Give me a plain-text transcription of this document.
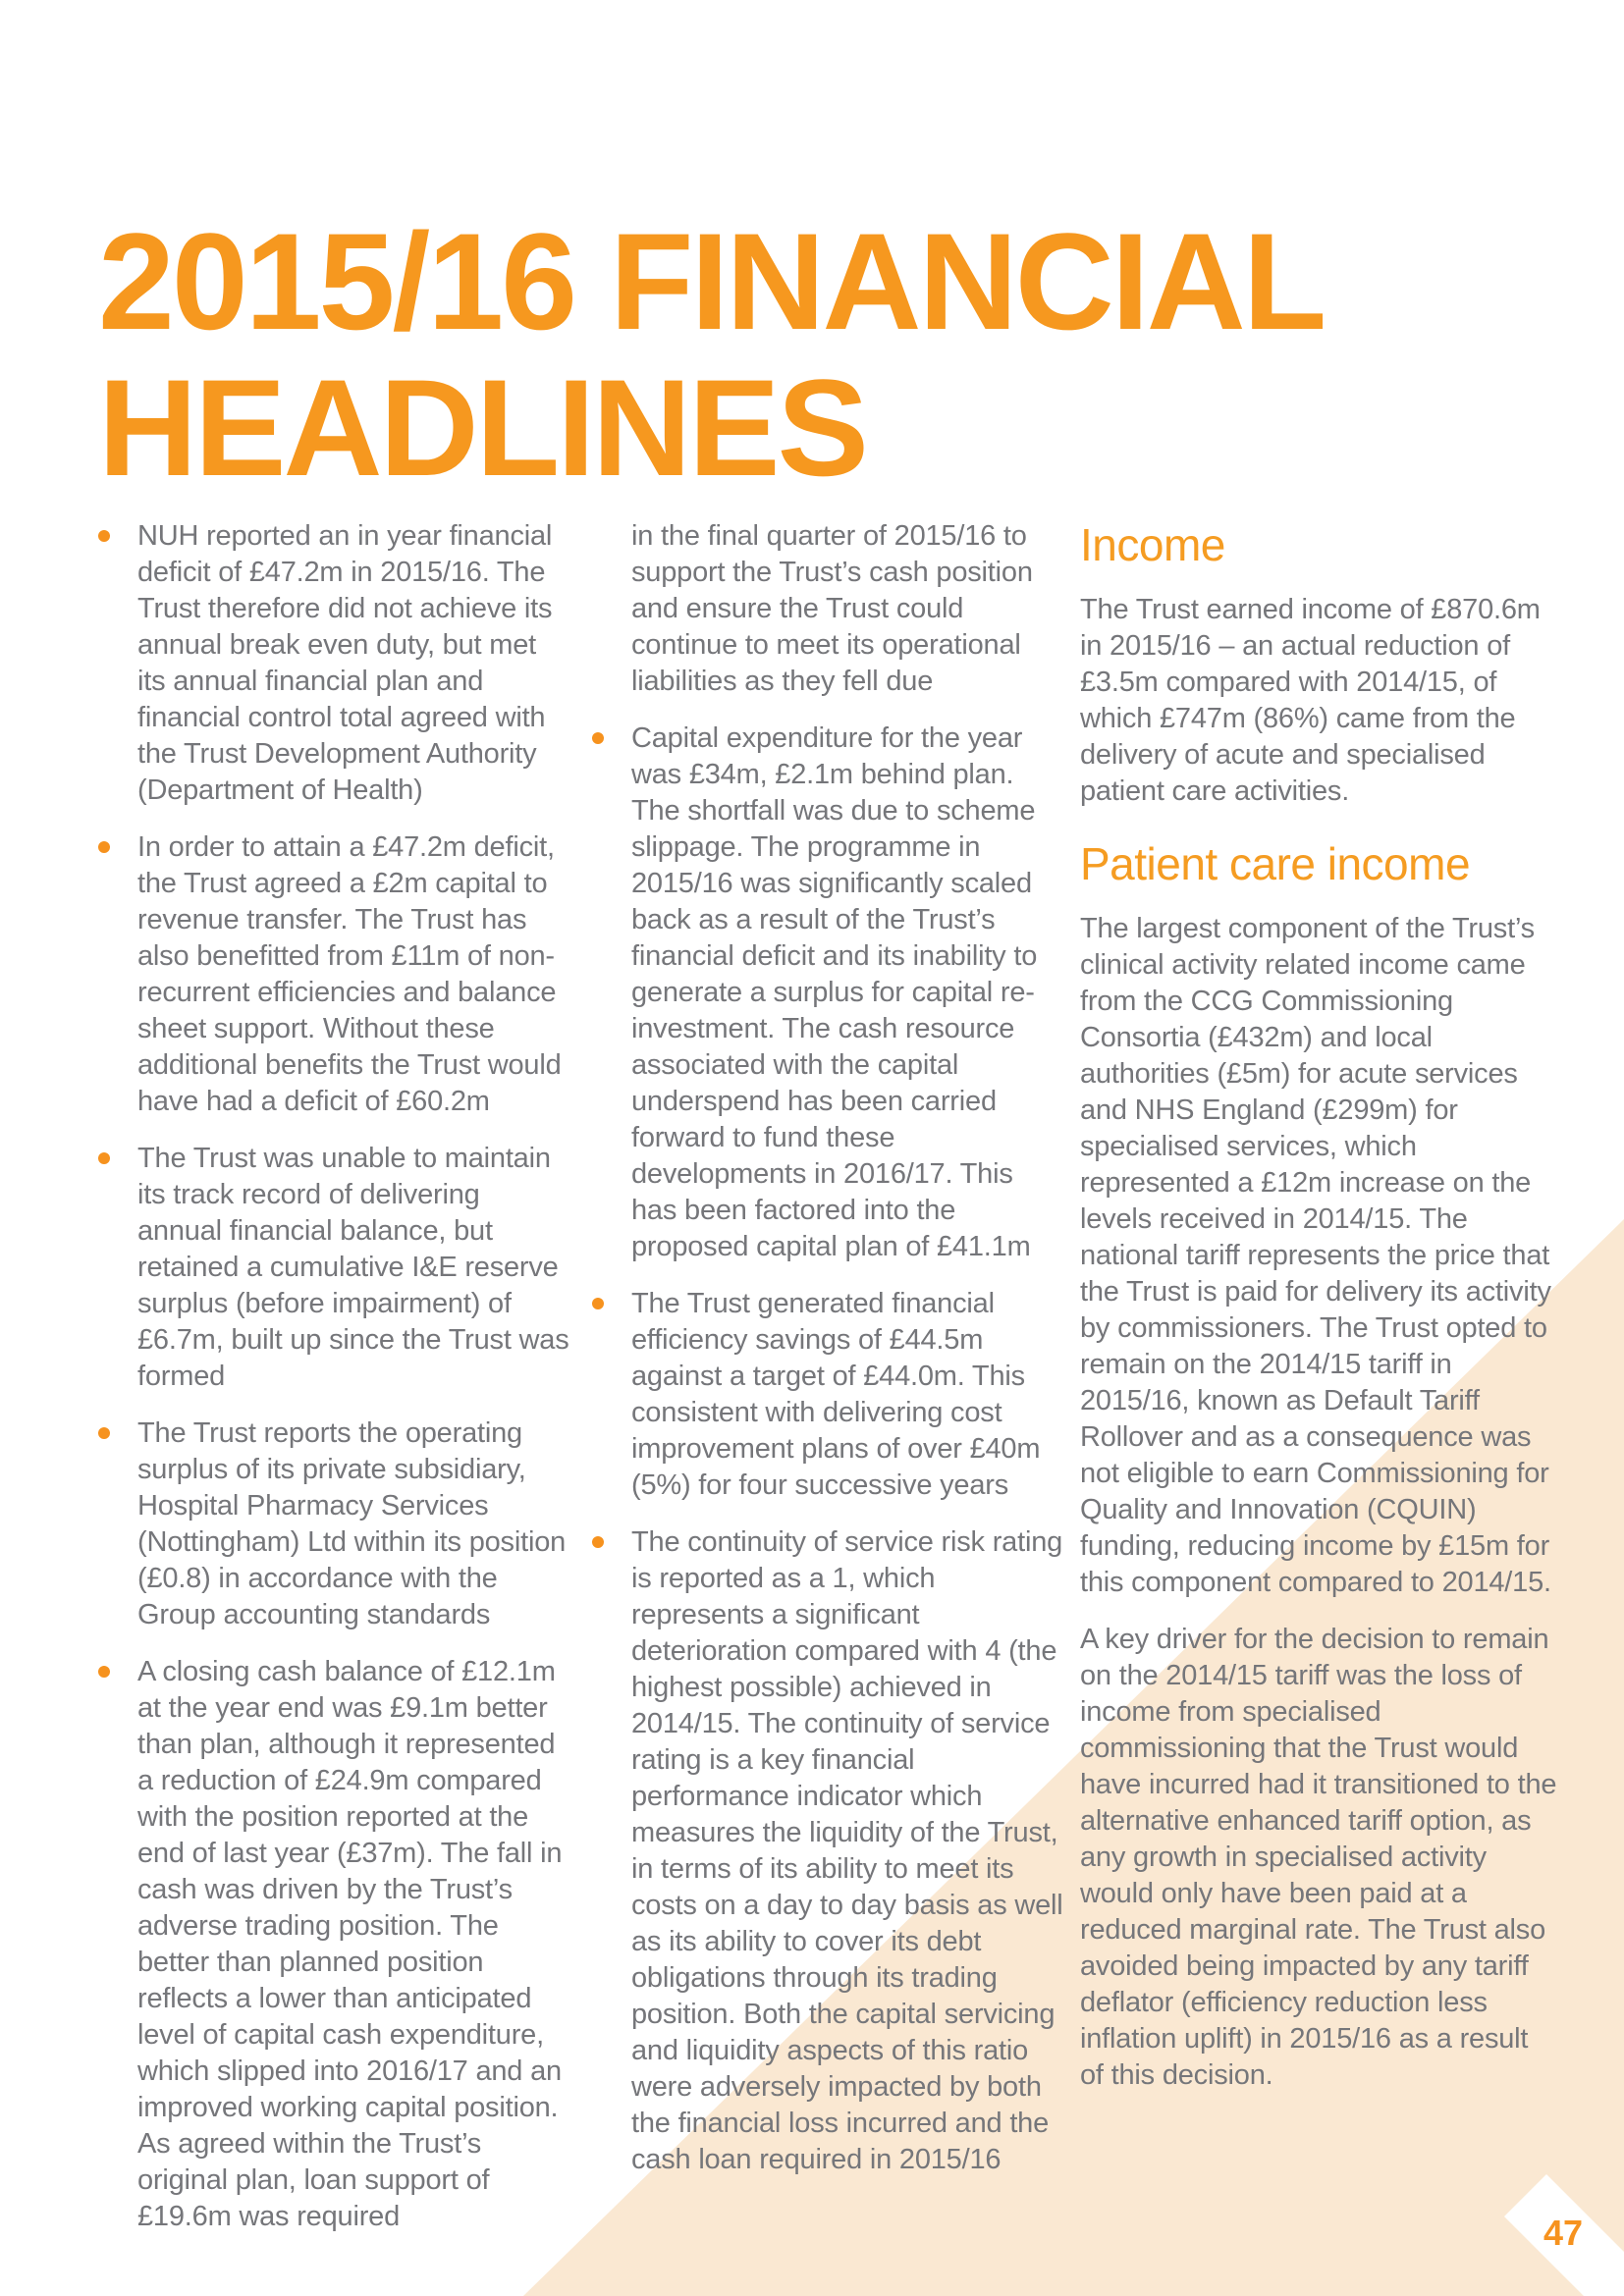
2015/16 FINANCIAL
HEADLINES
NUH reported an in year financial deficit of £47.2m in 2015/16. The Trust therefore did not achieve its annual break even duty, but met its annual financial plan and financial control total agreed with the Trust Development Authority (Department of Health)
In order to attain a £47.2m deficit, the Trust agreed a £2m capital to revenue transfer. The Trust has also benefitted from £11m of non-recurrent efficiencies and balance sheet support. Without these additional benefits the Trust would have had a deficit of £60.2m
The Trust was unable to maintain its track record of delivering annual financial balance, but retained a cumulative I&E reserve surplus (before impairment) of £6.7m, built up since the Trust was formed
The Trust reports the operating surplus of its private subsidiary, Hospital Pharmacy Services (Nottingham) Ltd within its position (£0.8) in accordance with the Group accounting standards
A closing cash balance of £12.1m at the year end was £9.1m better than plan, although it represented a reduction of £24.9m compared with the position reported at the end of last year (£37m). The fall in cash was driven by the Trust’s adverse trading position. The better than planned position reflects a lower than anticipated level of capital cash expenditure, which slipped into 2016/17 and an improved working capital position. As agreed within the Trust’s original plan, loan support of £19.6m was required

in the final quarter of 2015/16 to support the Trust’s cash position and ensure the Trust could continue to meet its operational liabilities as they fell due

Capital expenditure for the year was £34m, £2.1m behind plan. The shortfall was due to scheme slippage. The programme in 2015/16 was significantly scaled back as a result of the Trust’s financial deficit and its inability to generate a surplus for capital re-investment. The cash resource associated with the capital underspend has been carried forward to fund these developments in 2016/17. This has been factored into the proposed capital plan of £41.1m
The Trust generated financial efficiency savings of £44.5m against a target of £44.0m. This consistent with delivering cost improvement plans of over £40m (5%) for four successive years
The continuity of service risk rating is reported as a 1, which represents a significant deterioration compared with 4 (the highest possible) achieved in 2014/15. The continuity of service rating is a key financial performance indicator which measures the liquidity of the Trust, in terms of its ability to meet its costs on a day to day basis as well as its ability to cover its debt obligations through its trading position. Both the capital servicing and liquidity aspects of this ratio were adversely impacted by both the financial loss incurred and the cash loan required in 2015/16
Income

The Trust earned income of £870.6m in 2015/16 – an actual reduction of £3.5m compared with 2014/15, of which £747m (86%) came from the delivery of acute and specialised patient care activities.

Patient care income

The largest component of the Trust’s clinical activity related income came from the CCG Commissioning Consortia (£432m) and local authorities (£5m) for acute services and NHS England (£299m) for specialised services, which represented a £12m increase on the levels received in 2014/15. The national tariff represents the price that the Trust is paid for delivery its activity by commissioners. The Trust opted to remain on the 2014/15 tariff in 2015/16, known as Default Tariff Rollover and as a consequence was not eligible to earn Commissioning for Quality and Innovation (CQUIN) funding, reducing income by £15m for this component compared to 2014/15.

A key driver for the decision to remain on the 2014/15 tariff was the loss of income from specialised commissioning that the Trust would have incurred had it transitioned to the alternative enhanced tariff option, as any growth in specialised activity would only have been paid at a reduced marginal rate. The Trust also avoided being impacted by any tariff deflator (efficiency reduction less inflation uplift) in 2015/16 as a result of this decision.

47
